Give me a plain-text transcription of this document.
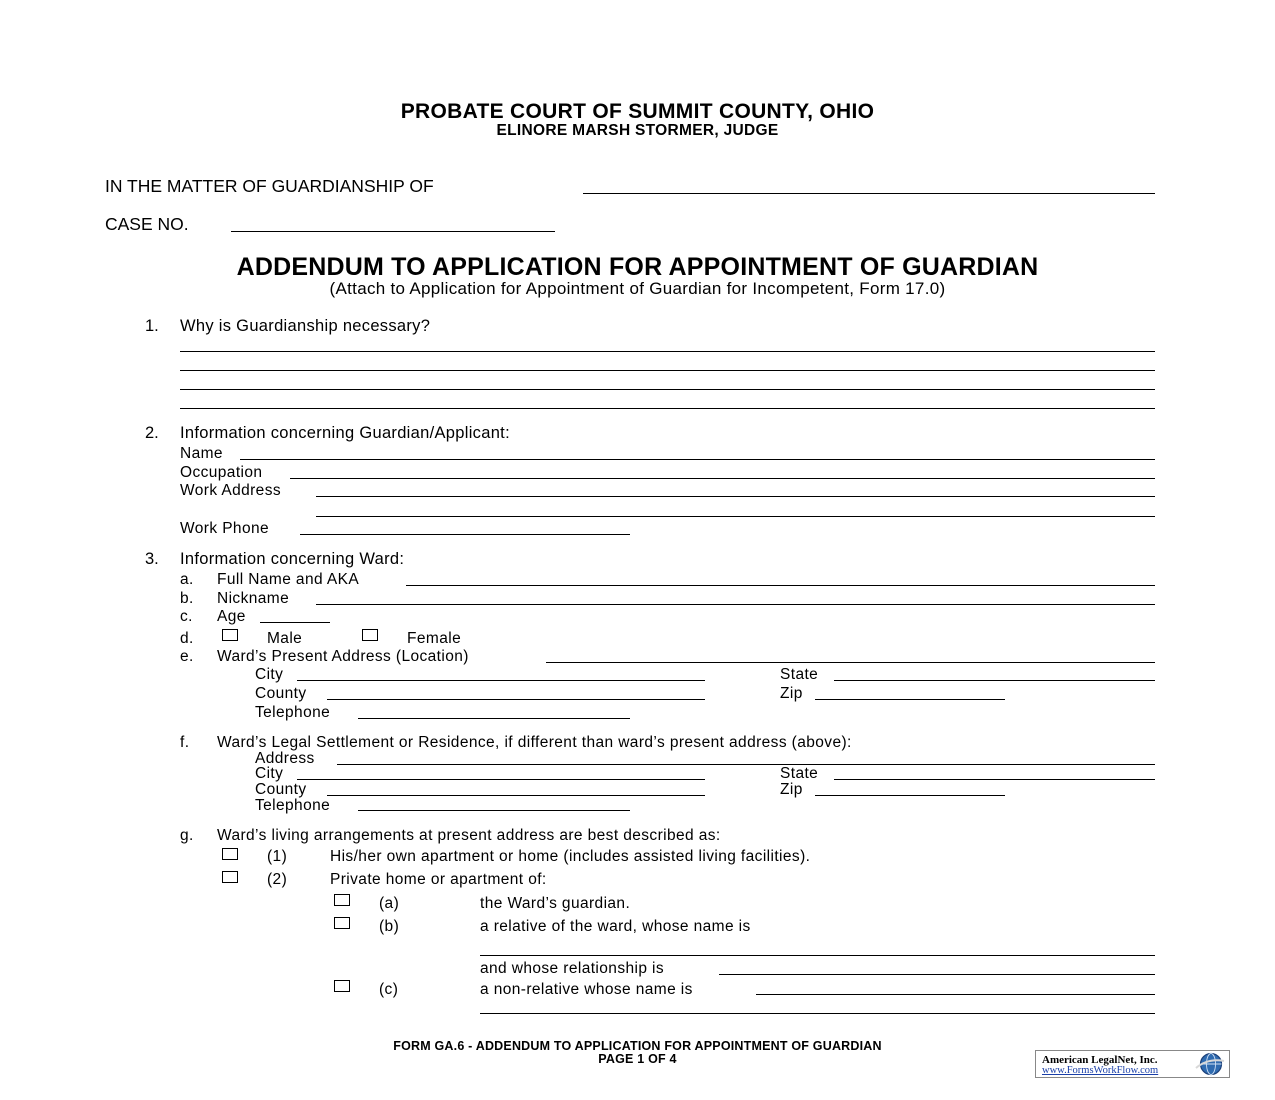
PROBATE COURT OF SUMMIT COUNTY, OHIO
ELINORE MARSH STORMER, JUDGE
IN THE MATTER OF GUARDIANSHIP OF
CASE NO.
ADDENDUM TO APPLICATION FOR APPOINTMENT OF GUARDIAN
(Attach to Application for Appointment of Guardian for Incompetent, Form 17.0)
1. Why is Guardianship necessary?
2. Information concerning Guardian/Applicant:
Name
Occupation
Work Address
Work Phone
3. Information concerning Ward:
a. Full Name and AKA
b. Nickname
c. Age
d.	Male	Female
e. Ward’s Present Address (Location)
City	State
County	Zip
Telephone
f. Ward’s Legal Settlement or Residence, if different than ward’s present address (above):
Address
City	State
County	Zip
Telephone
g. Ward’s living arrangements at present address are best described as:
(1)	His/her own apartment or home (includes assisted living facilities).
(2)	Private home or apartment of:
(a)	the Ward’s guardian.
(b)	a relative of the ward, whose name is
and whose relationship is
(c)	a non-relative whose name is
FORM GA.6 - ADDENDUM TO APPLICATION FOR APPOINTMENT OF GUARDIAN
PAGE 1 OF 4	American LegalNet, Inc.
www.FormsWorkFlow.com
